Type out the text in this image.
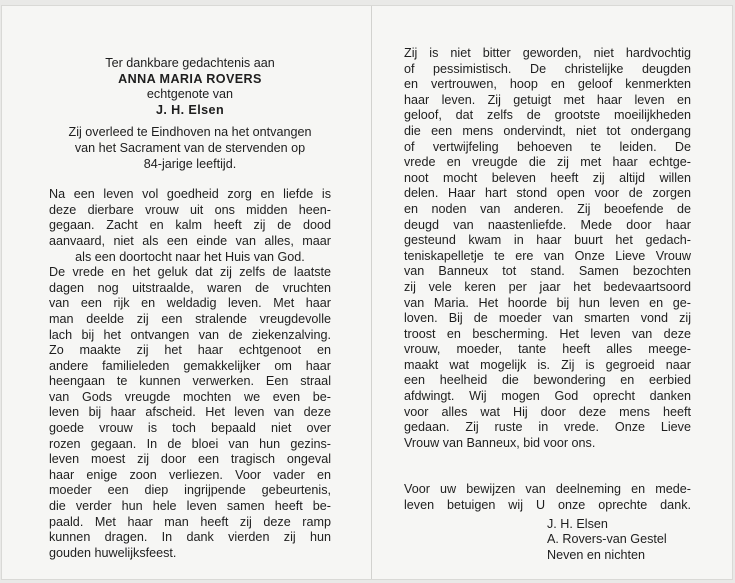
Ter dankbare gedachtenis aan
ANNA MARIA ROVERS
echtgenote van
J. H. Elsen
Zij overleed te Eindhoven na het ontvangen
van het Sacrament van de stervenden op
84-jarige leeftijd.
Na een leven vol goedheid zorg en liefde is
deze dierbare vrouw uit ons midden heen-
gegaan. Zacht en kalm heeft zij de dood
aanvaard, niet als een einde van alles, maar
als een doortocht naar het Huis van God.
De vrede en het geluk dat zij zelfs de laatste
dagen nog uitstraalde, waren de vruchten
van een rijk en weldadig leven. Met haar
man deelde zij een stralende vreugdevolle
lach bij het ontvangen van de ziekenzalving.
Zo maakte zij het haar echtgenoot en
andere familieleden gemakkelijker om haar
heengaan te kunnen verwerken. Een straal
van Gods vreugde mochten we even be-
leven bij haar afscheid. Het leven van deze
goede vrouw is toch bepaald niet over
rozen gegaan. In de bloei van hun gezins-
leven moest zij door een tragisch ongeval
haar enige zoon verliezen. Voor vader en
moeder een diep ingrijpende gebeurtenis,
die verder hun hele leven samen heeft be-
paald. Met haar man heeft zij deze ramp
kunnen dragen. In dank vierden zij hun
gouden huwelijksfeest.
Zij is niet bitter geworden, niet hardvochtig
of pessimistisch. De christelijke deugden
en vertrouwen, hoop en geloof kenmerkten
haar leven. Zij getuigt met haar leven en
geloof, dat zelfs de grootste moeilijkheden
die een mens ondervindt, niet tot ondergang
of vertwijfeling behoeven te leiden. De
vrede en vreugde die zij met haar echtge-
noot mocht beleven heeft zij altijd willen
delen. Haar hart stond open voor de zorgen
en noden van anderen. Zij beoefende de
deugd van naastenliefde. Mede door haar
gesteund kwam in haar buurt het gedach-
teniskapelletje te ere van Onze Lieve Vrouw
van Banneux tot stand. Samen bezochten
zij vele keren per jaar het bedevaartsoord
van Maria. Het hoorde bij hun leven en ge-
loven. Bij de moeder van smarten vond zij
troost en bescherming. Het leven van deze
vrouw, moeder, tante heeft alles meege-
maakt wat mogelijk is. Zij is gegroeid naar
een heelheid die bewondering en eerbied
afdwingt. Wij mogen God oprecht danken
voor alles wat Hij door deze mens heeft
gedaan. Zij ruste in vrede. Onze Lieve
Vrouw van Banneux, bid voor ons.
Voor uw bewijzen van deelneming en mede-
leven betuigen wij U onze oprechte dank.
J. H. Elsen
A. Rovers-van Gestel
Neven en nichten
